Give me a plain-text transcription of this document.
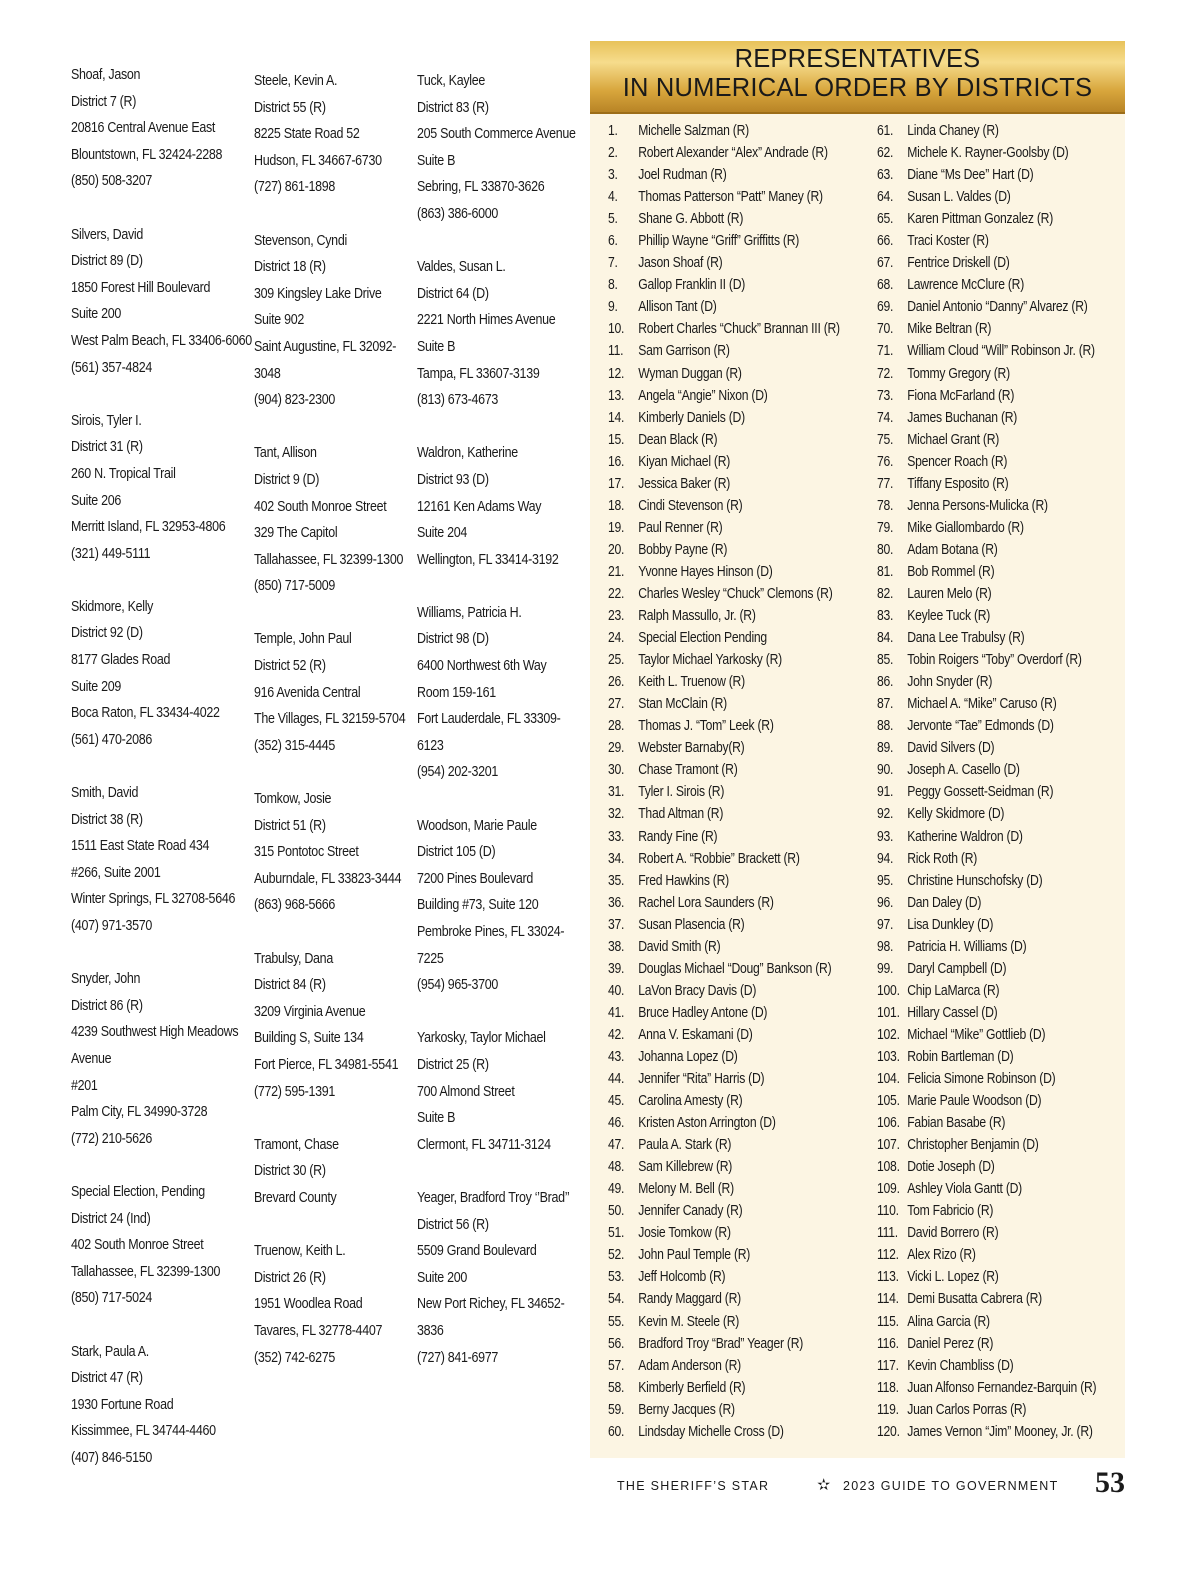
Shoaf, Jason
District 7 (R)
20816 Central Avenue East
Blountstown, FL 32424-2288
(850) 508-3207
Silvers, David
District 89 (D)
1850 Forest Hill Boulevard
Suite 200
West Palm Beach, FL 33406-6060
(561) 357-4824
Sirois, Tyler I.
District 31 (R)
260 N. Tropical Trail
Suite 206
Merritt Island, FL 32953-4806
(321) 449-5111
Skidmore, Kelly
District 92 (D)
8177 Glades Road
Suite 209
Boca Raton, FL 33434-4022
(561) 470-2086
Smith, David
District 38 (R)
1511 East State Road 434
#266, Suite 2001
Winter Springs, FL 32708-5646
(407) 971-3570
Snyder, John
District 86 (R)
4239 Southwest High Meadows
Avenue
#201
Palm City, FL 34990-3728
(772) 210-5626
Special Election, Pending
District 24 (Ind)
402 South Monroe Street
Tallahassee, FL 32399-1300
(850) 717-5024
Stark, Paula A.
District 47 (R)
1930 Fortune Road
Kissimmee, FL 34744-4460
(407) 846-5150
Steele, Kevin A.
District 55 (R)
8225 State Road 52
Hudson, FL 34667-6730
(727) 861-1898
Stevenson, Cyndi
District 18 (R)
309 Kingsley Lake Drive
Suite 902
Saint Augustine, FL 32092-
3048
(904) 823-2300
Tant, Allison
District 9 (D)
402 South Monroe Street
329 The Capitol
Tallahassee, FL 32399-1300
(850) 717-5009
Temple, John Paul
District 52 (R)
916 Avenida Central
The Villages, FL 32159-5704
(352) 315-4445
Tomkow, Josie
District 51 (R)
315 Pontotoc Street
Auburndale, FL 33823-3444
(863) 968-5666
Trabulsy, Dana
District 84 (R)
3209 Virginia Avenue
Building S, Suite 134
Fort Pierce, FL 34981-5541
(772) 595-1391
Tramont, Chase
District 30 (R)
Brevard County
Truenow, Keith L.
District 26 (R)
1951 Woodlea Road
Tavares, FL 32778-4407
(352) 742-6275
Tuck, Kaylee
District 83 (R)
205 South Commerce Avenue
Suite B
Sebring, FL 33870-3626
(863) 386-6000
Valdes, Susan L.
District 64 (D)
2221 North Himes Avenue
Suite B
Tampa, FL 33607-3139
(813) 673-4673
Waldron, Katherine
District 93 (D)
12161 Ken Adams Way
Suite 204
Wellington, FL 33414-3192
Williams, Patricia H.
District 98 (D)
6400 Northwest 6th Way
Room 159-161
Fort Lauderdale, FL 33309-
6123
(954) 202-3201
Woodson, Marie Paule
District 105 (D)
7200 Pines Boulevard
Building #73, Suite 120
Pembroke Pines, FL 33024-
7225
(954) 965-3700
Yarkosky, Taylor Michael
District 25 (R)
700 Almond Street
Suite B
Clermont, FL 34711-3124
Yeager, Bradford Troy ‘’Brad’’
District 56 (R)
5509 Grand Boulevard
Suite 200
New Port Richey, FL 34652-
3836
(727) 841-6977
REPRESENTATIVES
IN NUMERICAL ORDER BY DISTRICTS
1. Michelle Salzman (R)
2. Robert Alexander “Alex” Andrade (R)
3. Joel Rudman (R)
4. Thomas Patterson “Patt” Maney (R)
5. Shane G. Abbott (R)
6. Phillip Wayne “Griff” Griffitts (R)
7. Jason Shoaf (R)
8. Gallop Franklin II (D)
9. Allison Tant (D)
10. Robert Charles “Chuck” Brannan III (R)
11. Sam Garrison (R)
12. Wyman Duggan (R)
13. Angela “Angie” Nixon (D)
14. Kimberly Daniels (D)
15. Dean Black (R)
16. Kiyan Michael (R)
17. Jessica Baker (R)
18. Cindi Stevenson (R)
19. Paul Renner (R)
20. Bobby Payne (R)
21. Yvonne Hayes Hinson (D)
22. Charles Wesley “Chuck” Clemons (R)
23. Ralph Massullo, Jr. (R)
24. Special Election Pending
25. Taylor Michael Yarkosky (R)
26. Keith L. Truenow (R)
27. Stan McClain (R)
28. Thomas J. “Tom” Leek (R)
29. Webster Barnaby(R)
30. Chase Tramont (R)
31. Tyler I. Sirois (R)
32. Thad Altman (R)
33. Randy Fine (R)
34. Robert A. “Robbie” Brackett (R)
35. Fred Hawkins (R)
36. Rachel Lora Saunders (R)
37. Susan Plasencia (R)
38. David Smith (R)
39. Douglas Michael “Doug” Bankson (R)
40. LaVon Bracy Davis (D)
41. Bruce Hadley Antone (D)
42. Anna V. Eskamani (D)
43. Johanna Lopez (D)
44. Jennifer “Rita” Harris (D)
45. Carolina Amesty (R)
46. Kristen Aston Arrington (D)
47. Paula A. Stark (R)
48. Sam Killebrew (R)
49. Melony M. Bell (R)
50. Jennifer Canady (R)
51. Josie Tomkow (R)
52. John Paul Temple (R)
53. Jeff Holcomb (R)
54. Randy Maggard (R)
55. Kevin M. Steele (R)
56. Bradford Troy “Brad” Yeager (R)
57. Adam Anderson (R)
58. Kimberly Berfield (R)
59. Berny Jacques (R)
60. Lindsday Michelle Cross (D)
61. Linda Chaney (R)
62. Michele K. Rayner-Goolsby (D)
63. Diane “Ms Dee” Hart (D)
64. Susan L. Valdes (D)
65. Karen Pittman Gonzalez (R)
66. Traci Koster (R)
67. Fentrice Driskell (D)
68. Lawrence McClure (R)
69. Daniel Antonio “Danny” Alvarez (R)
70. Mike Beltran (R)
71. William Cloud “Will” Robinson Jr. (R)
72. Tommy Gregory (R)
73. Fiona McFarland (R)
74. James Buchanan (R)
75. Michael Grant (R)
76. Spencer Roach (R)
77. Tiffany Esposito (R)
78. Jenna Persons-Mulicka (R)
79. Mike Giallombardo (R)
80. Adam Botana (R)
81. Bob Rommel (R)
82. Lauren Melo (R)
83. Keylee Tuck (R)
84. Dana Lee Trabulsy (R)
85. Tobin Roigers “Toby” Overdorf (R)
86. John Snyder (R)
87. Michael A. “Mike” Caruso (R)
88. Jervonte “Tae” Edmonds (D)
89. David Silvers (D)
90. Joseph A. Casello (D)
91. Peggy Gossett-Seidman (R)
92. Kelly Skidmore (D)
93. Katherine Waldron (D)
94. Rick Roth (R)
95. Christine Hunschofsky (D)
96. Dan Daley (D)
97. Lisa Dunkley (D)
98. Patricia H. Williams (D)
99. Daryl Campbell (D)
100. Chip LaMarca (R)
101. Hillary Cassel (D)
102. Michael “Mike” Gottlieb (D)
103. Robin Bartleman (D)
104. Felicia Simone Robinson (D)
105. Marie Paule Woodson (D)
106. Fabian Basabe (R)
107. Christopher Benjamin (D)
108. Dotie Joseph (D)
109. Ashley Viola Gantt (D)
110. Tom Fabricio (R)
111. David Borrero (R)
112. Alex Rizo (R)
113. Vicki L. Lopez (R)
114. Demi Busatta Cabrera (R)
115. Alina Garcia (R)
116. Daniel Perez (R)
117. Kevin Chambliss (D)
118. Juan Alfonso Fernandez-Barquin (R)
119. Juan Carlos Porras (R)
120. James Vernon “Jim” Mooney, Jr. (R)
THE SHERIFF’S STAR	✫ 2023 GUIDE TO GOVERNMENT 53
